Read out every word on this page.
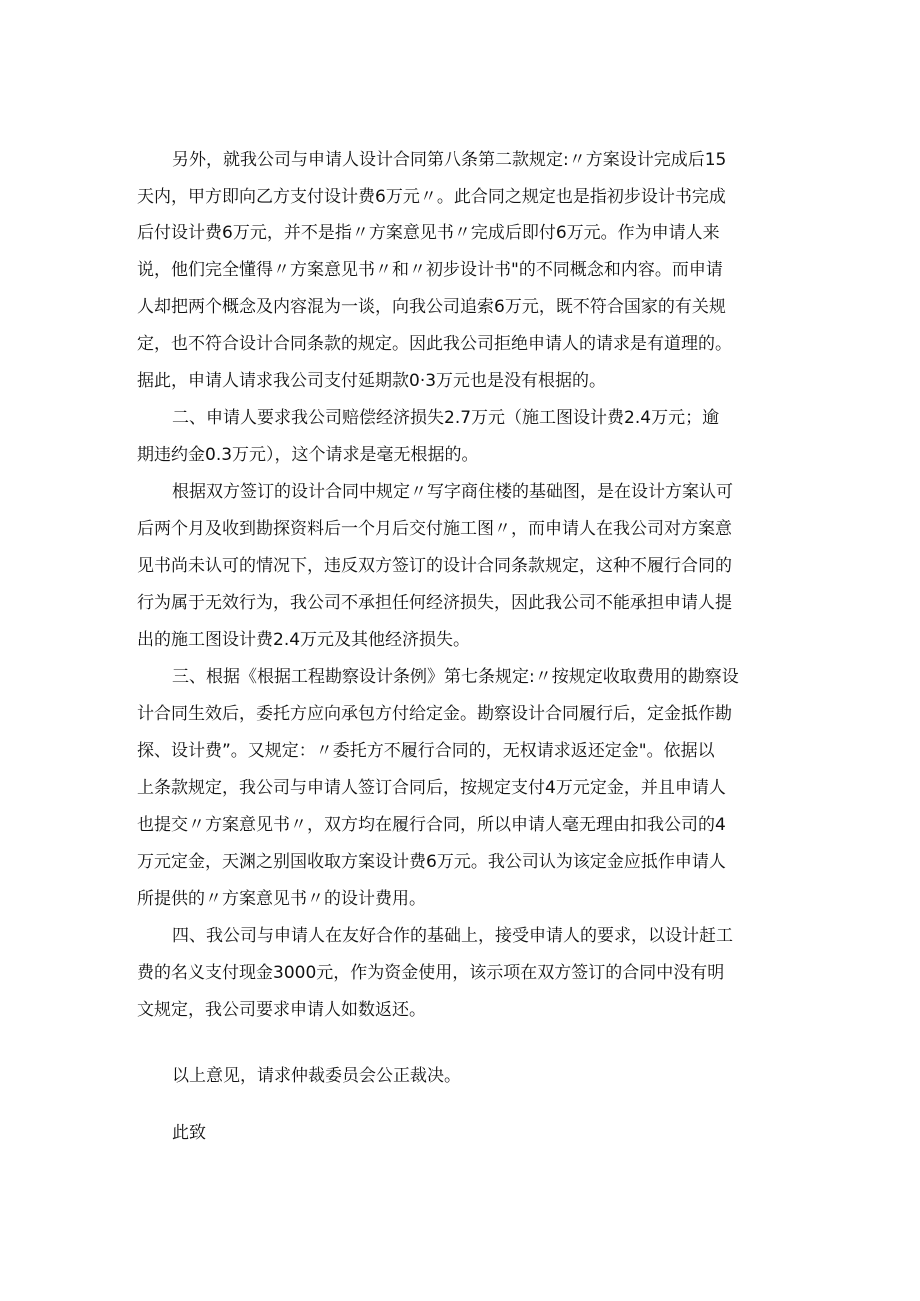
另外，就我公司与申请人设计合同第八条第二款规定:〃方案设计完成后15
天内，甲方即向乙方支付设计费6万元〃。此合同之规定也是指初步设计书完成
后付设计费6万元，并不是指〃方案意见书〃完成后即付6万元。作为申请人来
说，他们完全懂得〃方案意见书〃和〃初步设计书"的不同概念和内容。而申请
人却把两个概念及内容混为一谈，向我公司追索6万元，既不符合国家的有关规
定，也不符合设计合同条款的规定。因此我公司拒绝申请人的请求是有道理的。
据此，申请人请求我公司支付延期款0·3万元也是没有根据的。
二、申请人要求我公司赔偿经济损失2.7万元（施工图设计费2.4万元；逾
期违约金0.3万元），这个请求是毫无根据的。
根据双方签订的设计合同中规定〃写字商住楼的基础图，是在设计方案认可
后两个月及收到勘探资料后一个月后交付施工图〃，而申请人在我公司对方案意
见书尚未认可的情况下，违反双方签订的设计合同条款规定，这种不履行合同的
行为属于无效行为，我公司不承担任何经济损失，因此我公司不能承担申请人提
出的施工图设计费2.4万元及其他经济损失。
三、根据《根据工程勘察设计条例》第七条规定:〃按规定收取费用的勘察设
计合同生效后，委托方应向承包方付给定金。勘察设计合同履行后，定金抵作勘
探、设计费”。又规定：〃委托方不履行合同的，无权请求返还定金"。依据以
上条款规定，我公司与申请人签订合同后，按规定支付4万元定金，并且申请人
也提交〃方案意见书〃，双方均在履行合同，所以申请人毫无理由扣我公司的4
万元定金，天渊之别国收取方案设计费6万元。我公司认为该定金应抵作申请人
所提供的〃方案意见书〃的设计费用。
四、我公司与申请人在友好合作的基础上，接受申请人的要求，以设计赶工
费的名义支付现金3000元，作为资金使用，该示项在双方签订的合同中没有明
文规定，我公司要求申请人如数返还。
以上意见，请求仲裁委员会公正裁决。
此致
